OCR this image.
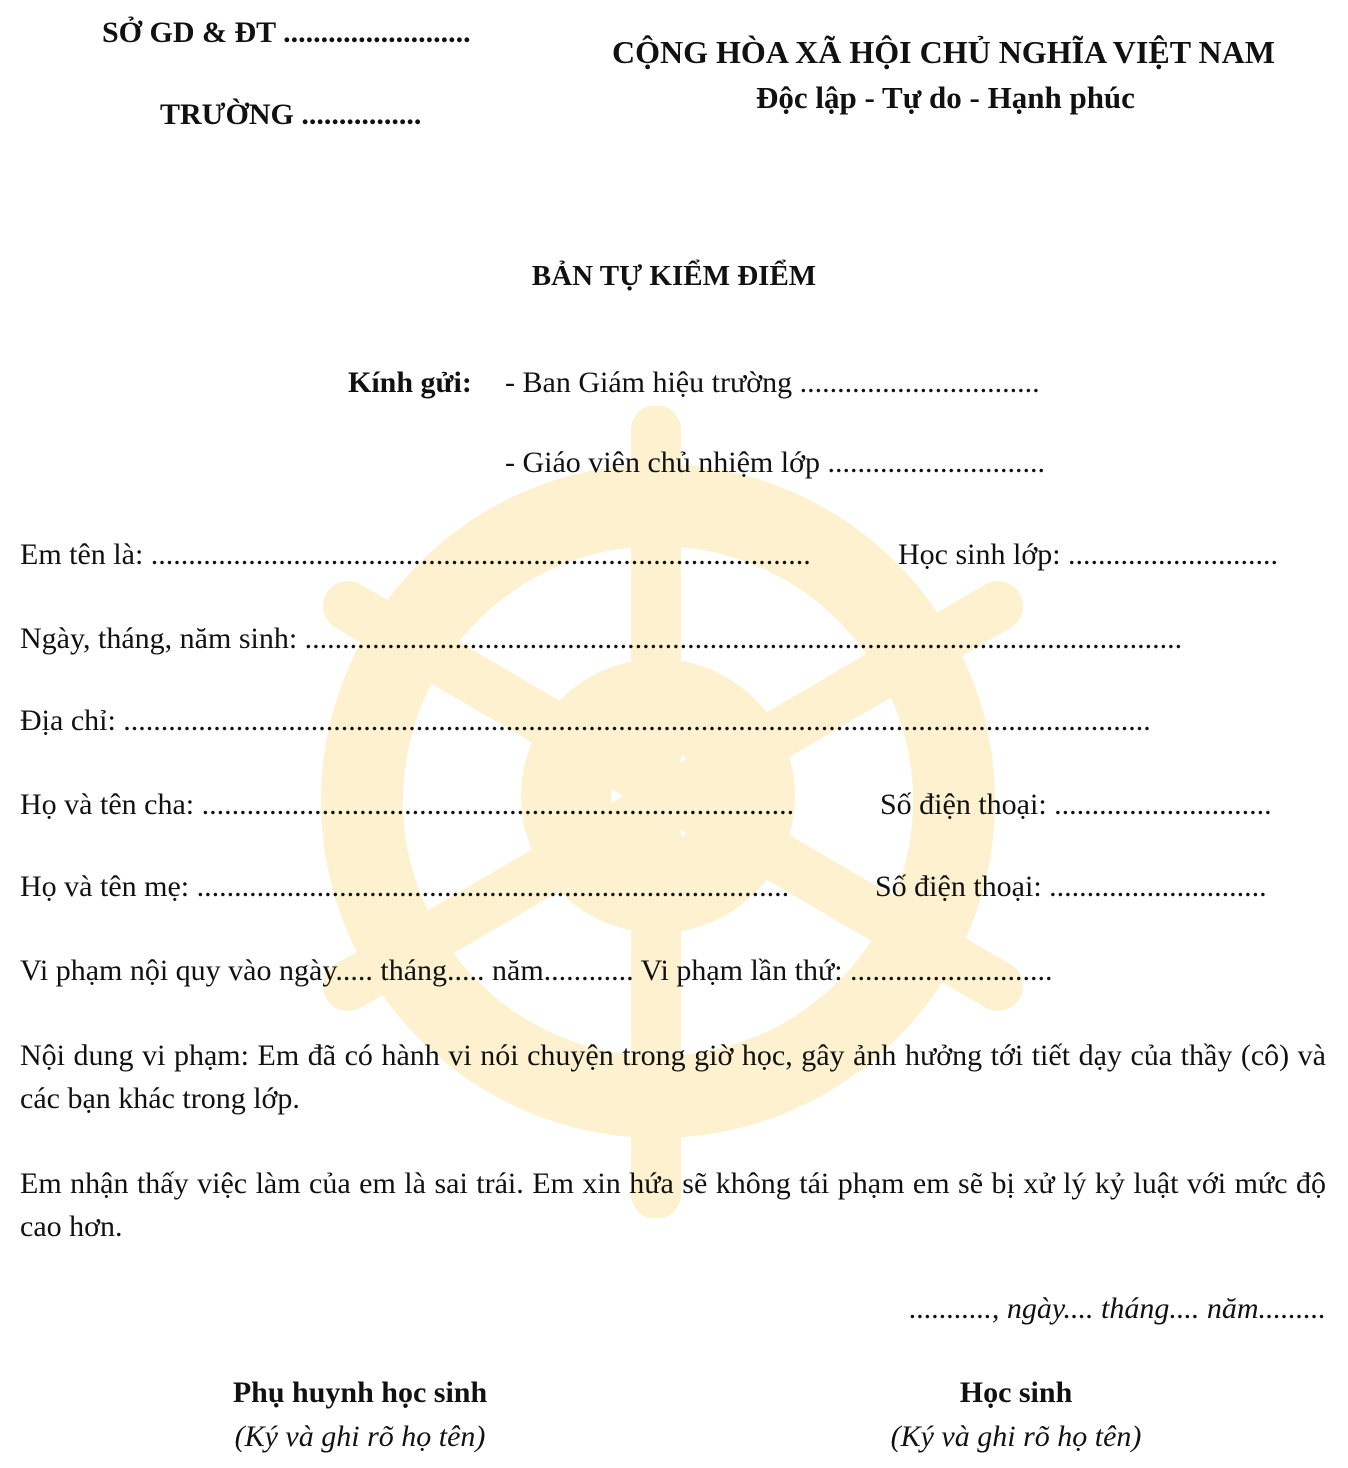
SỞ GD & ĐT .........................
TRƯỜNG ................
CỘNG HÒA XÃ HỘI CHỦ NGHĨA VIỆT NAM
Độc lập - Tự do - Hạnh phúc
BẢN TỰ KIỂM ĐIỂM
Kính gửi: - Ban Giám hiệu trường ................................
- Giáo viên chủ nhiệm lớp .............................
Em tên là: ........................................................................................	Học sinh lớp: ............................
Ngày, tháng, năm sinh: .....................................................................................................................
Địa chỉ: .........................................................................................................................................
Họ và tên cha: ...............................................................................	Số điện thoại: .............................
Họ và tên mẹ: ...............................................................................	Số điện thoại: .............................
Vi phạm nội quy vào ngày..... tháng..... năm............ Vi phạm lần thứ: ...........................
Nội dung vi phạm: Em đã có hành vi nói chuyện trong giờ học, gây ảnh hưởng tới tiết dạy của thầy (cô) và các bạn khác trong lớp.
Em nhận thấy việc làm của em là sai trái. Em xin hứa sẽ không tái phạm em sẽ bị xử lý kỷ luật với mức độ cao hơn.
..........., ngày.... tháng.... năm.........
Phụ huynh học sinh
(Ký và ghi rõ họ tên)
Học sinh
(Ký và ghi rõ họ tên)
